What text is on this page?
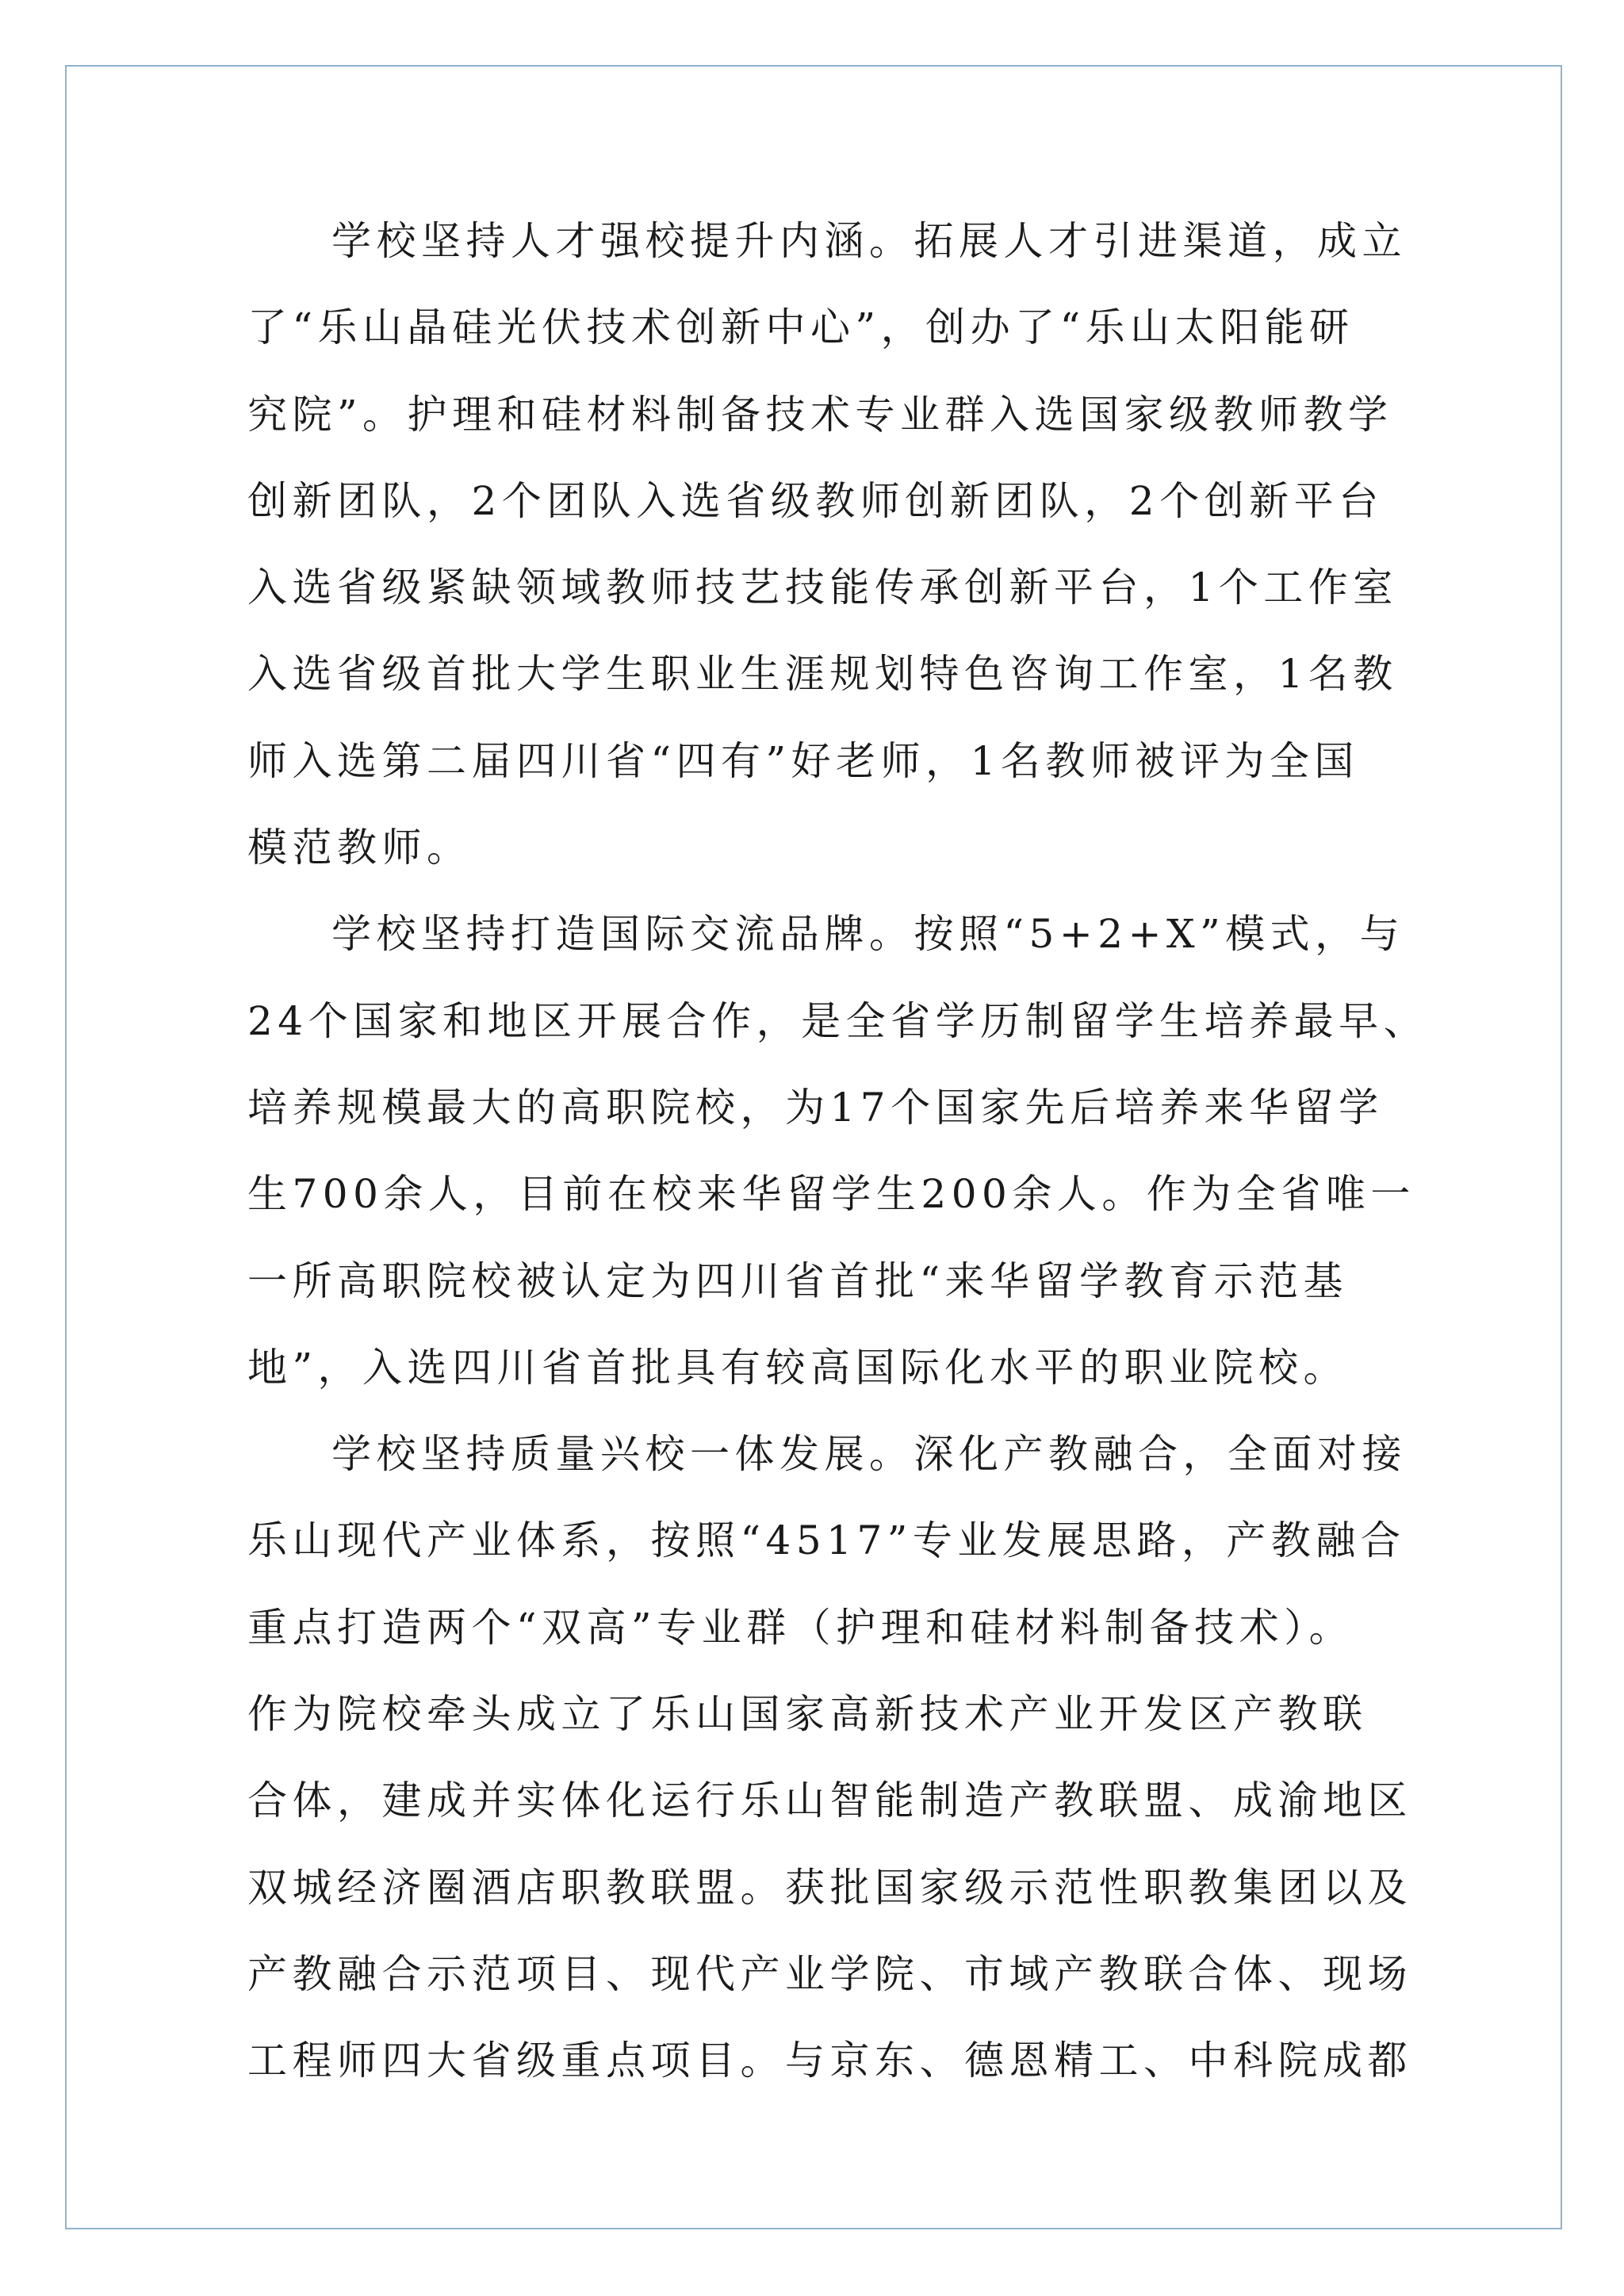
学校坚持人才强校提升内涵。拓展人才引进渠道，成立
了“乐山晶硅光伏技术创新中心”，创办了“乐山太阳能研
究院”。护理和硅材料制备技术专业群入选国家级教师教学
创新团队，2个团队入选省级教师创新团队，2个创新平台
入选省级紧缺领域教师技艺技能传承创新平台，1个工作室
入选省级首批大学生职业生涯规划特色咨询工作室，1名教
师入选第二届四川省“四有”好老师，1名教师被评为全国
模范教师。
学校坚持打造国际交流品牌。按照“5+2+X”模式，与
24个国家和地区开展合作，是全省学历制留学生培养最早、
培养规模最大的高职院校，为17个国家先后培养来华留学
生700余人，目前在校来华留学生200余人。作为全省唯一
一所高职院校被认定为四川省首批“来华留学教育示范基
地”，入选四川省首批具有较高国际化水平的职业院校。
学校坚持质量兴校一体发展。深化产教融合，全面对接
乐山现代产业体系，按照“4517”专业发展思路，产教融合
重点打造两个“双高”专业群（护理和硅材料制备技术）。
作为院校牵头成立了乐山国家高新技术产业开发区产教联
合体，建成并实体化运行乐山智能制造产教联盟、成渝地区
双城经济圈酒店职教联盟。获批国家级示范性职教集团以及
产教融合示范项目、现代产业学院、市域产教联合体、现场
工程师四大省级重点项目。与京东、德恩精工、中科院成都
